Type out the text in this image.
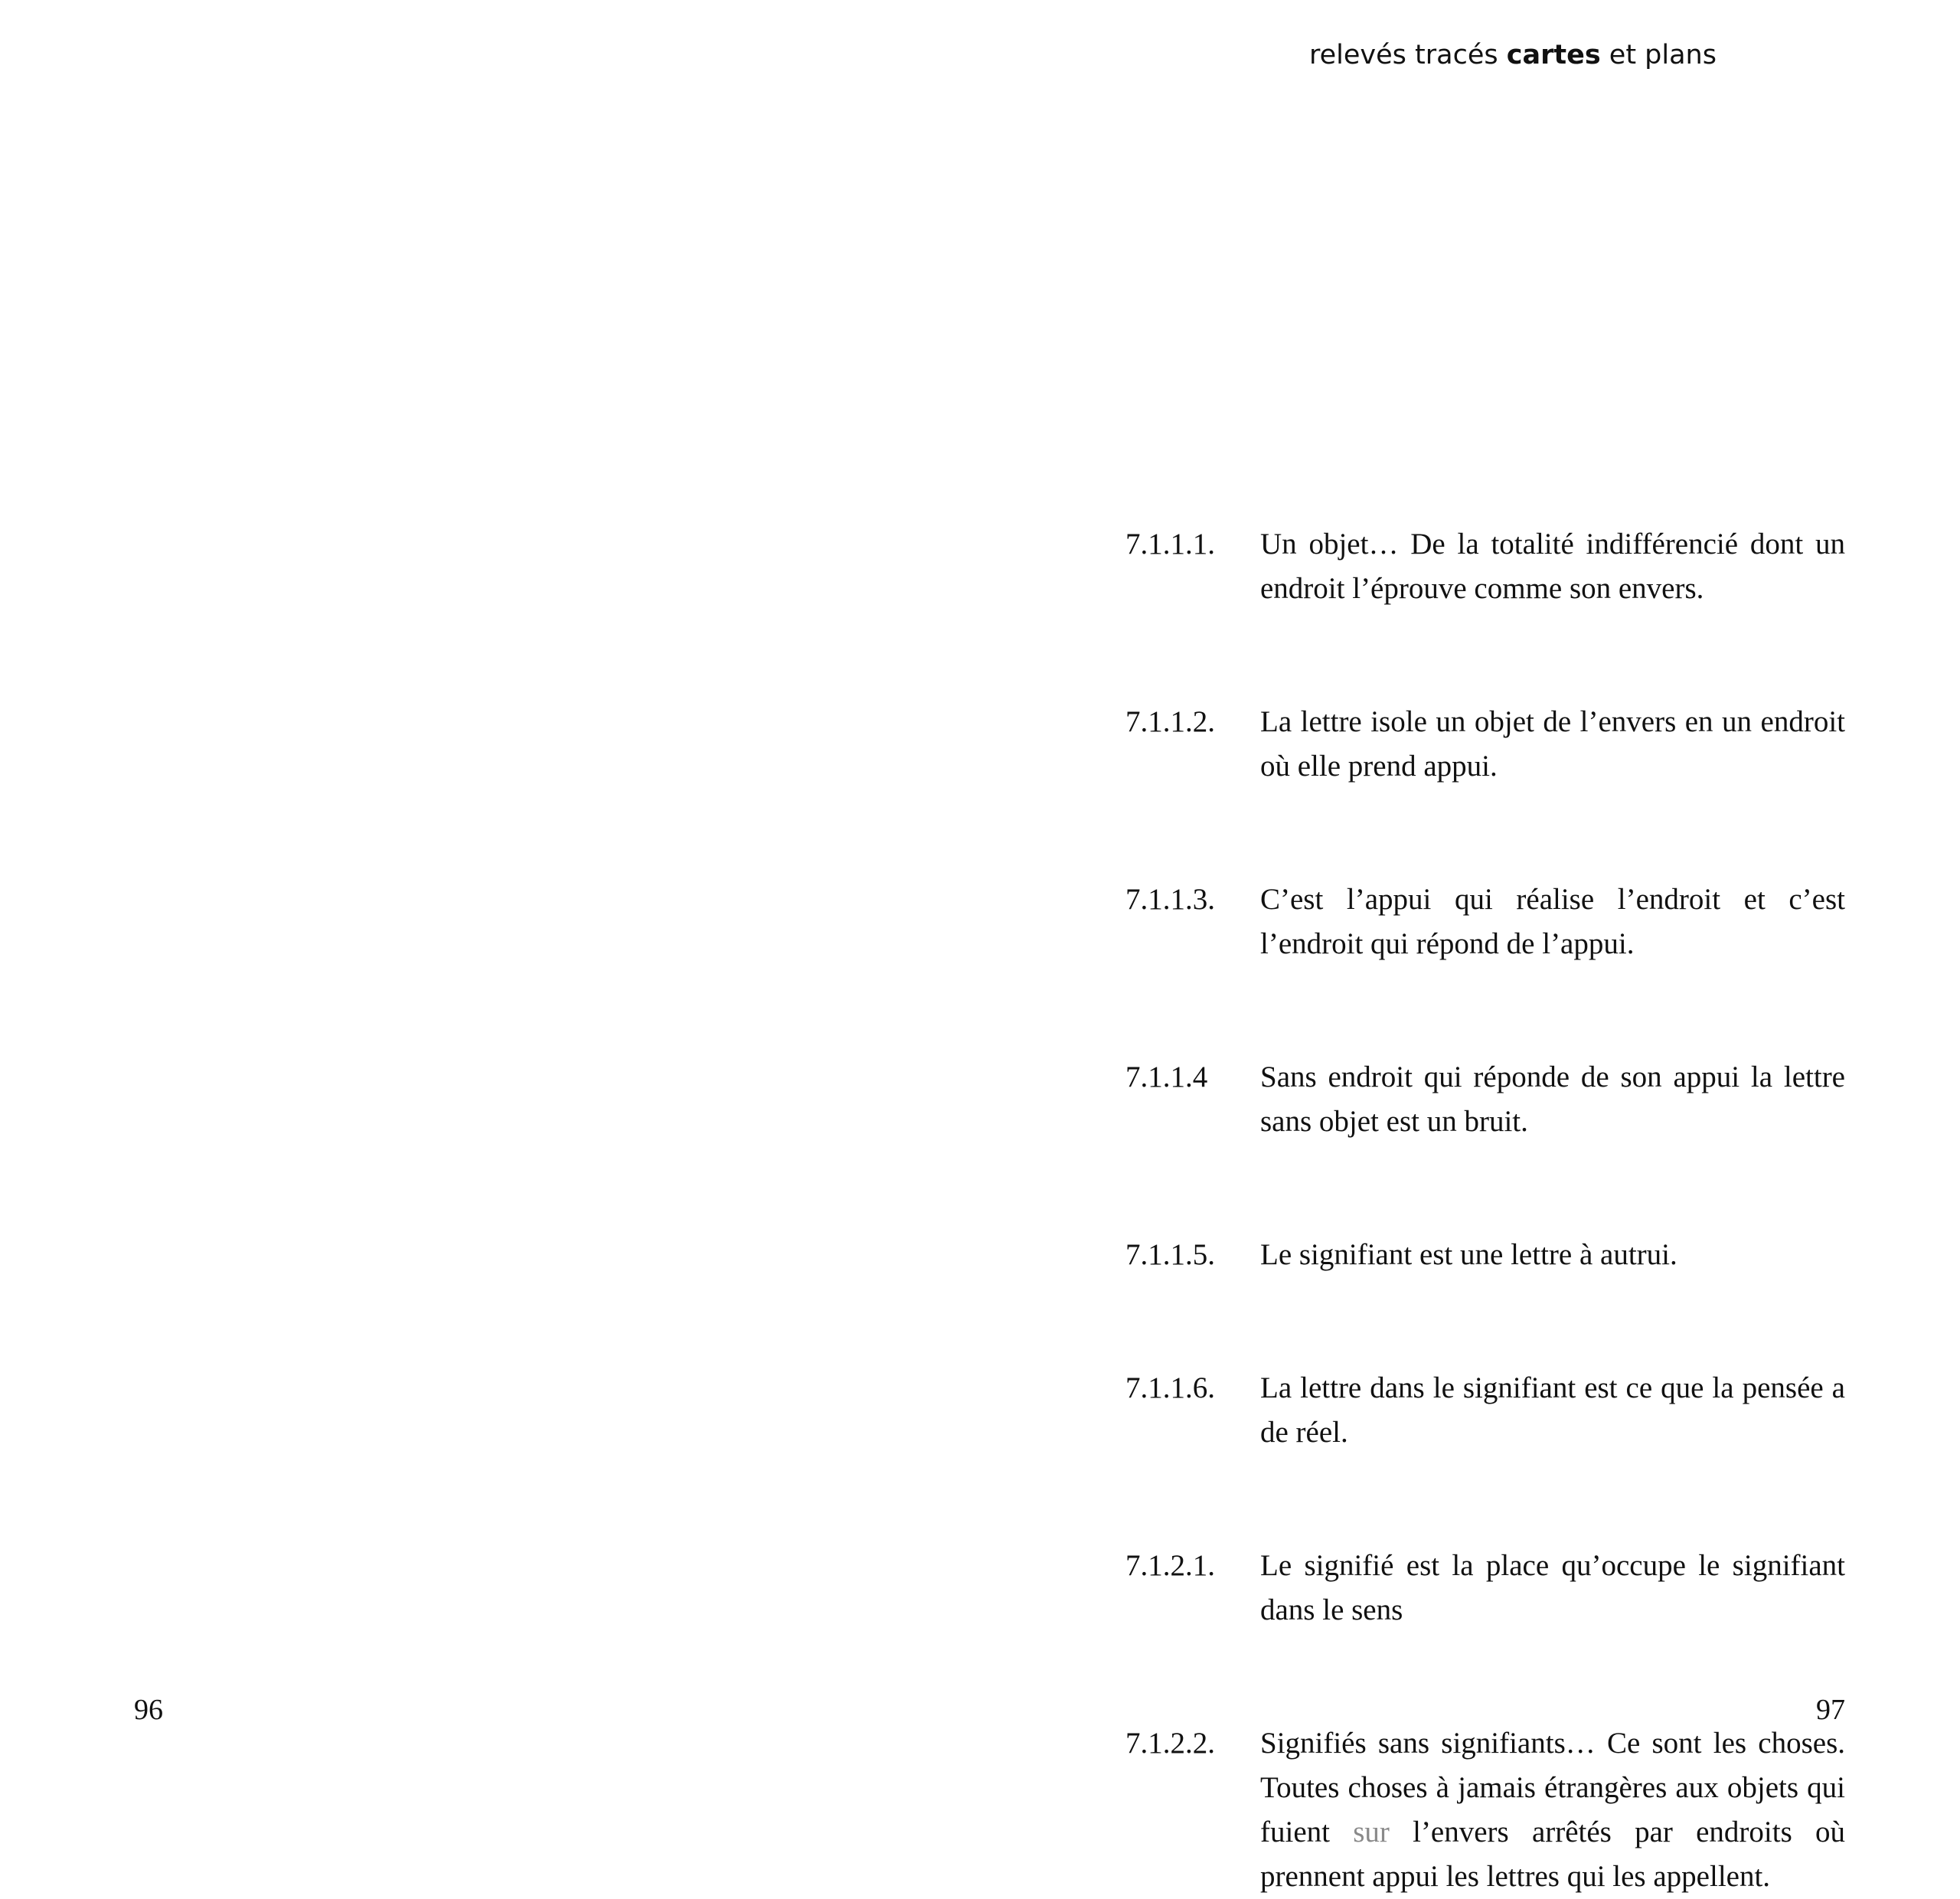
relevés tracés cartes et plans
7.1.1.1.	Un objet… De la totalité indifférencié dont un endroit l’éprouve comme son envers.
7.1.1.2.	La lettre isole un objet de l’envers en un endroit où elle prend appui.
7.1.1.3.	C’est l’appui qui réalise l’endroit et c’est l’endroit qui répond de l’appui.
7.1.1.4	Sans endroit qui réponde de son appui la lettre sans objet est un bruit.
7.1.1.5.	Le signifiant est une lettre à autrui.
7.1.1.6.	La lettre dans le signifiant est ce que la pensée a de réel.
7.1.2.1.	Le signifié est la place qu’occupe le signifiant dans le sens
7.1.2.2.	Signifiés sans signifiants… Ce sont les choses. Toutes choses à jamais étrangères aux objets qui fuient sur l’envers arrêtés par endroits où prennent appui les lettres qui les appellent.
96	97
